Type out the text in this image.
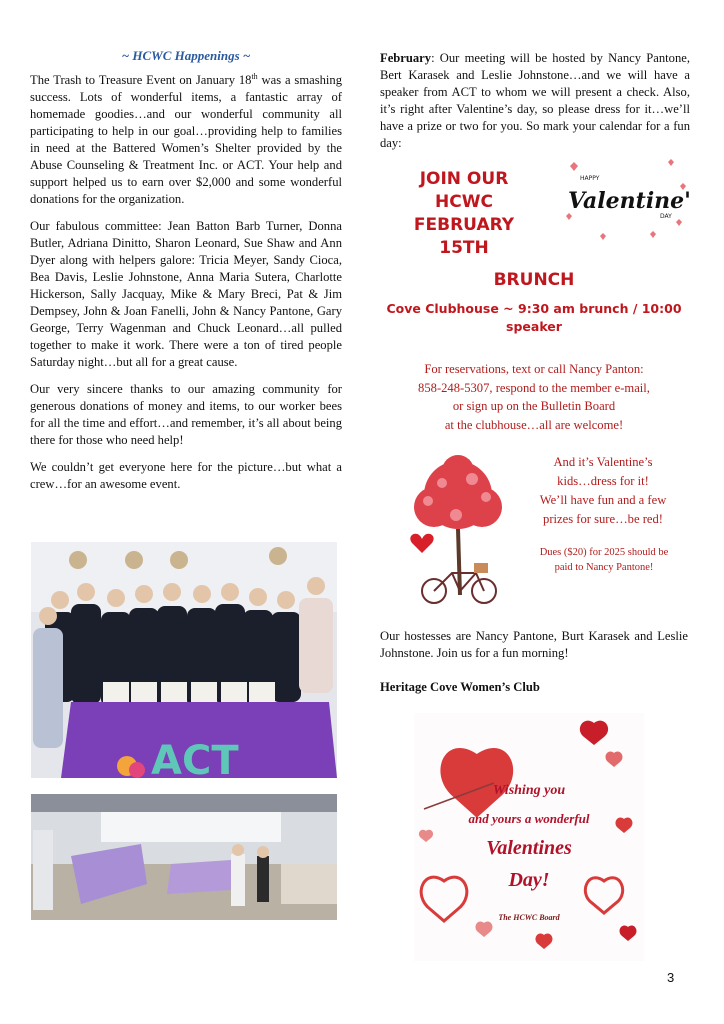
~ HCWC Happenings ~

The Trash to Treasure Event on January 18th was a smashing success. Lots of wonderful items, a fantastic array of homemade goodies…and our wonderful community all participating to help in our goal…providing help to families in need at the Battered Women’s Shelter provided by the Abuse Counseling & Treatment Inc. or ACT. Your help and support helped us to earn over $2,000 and some wonderful donations for the organization.

Our fabulous committee: Jean Batton Barb Turner, Donna Butler, Adriana Dinitto, Sharon Leonard, Sue Shaw and Ann Dyer along with helpers galore: Tricia Meyer, Sandy Cioca, Bea Davis, Leslie Johnstone, Anna Maria Sutera, Charlotte Hickerson, Sally Jacquay, Mike & Mary Breci, Pat & Jim Dempsey, John & Joan Fanelli, John & Nancy Pantone, Gary George, Terry Wagenman and Chuck Leonard…all pulled together to make it work. There were a ton of tired people Saturday night…but all for a great cause.

Our very sincere thanks to our amazing community for generous donations of money and items, to our worker bees for all the time and effort…and remember, it’s all about being there for those who need help!

We couldn’t get everyone here for the picture…but what a crew…for an awesome event.

ACT

February: Our meeting will be hosted by Nancy Pantone, Bert Karasek and Leslie Johnstone…and we will have a speaker from ACT to whom we will present a check. Also, it’s right after Valentine’s day, so please dress for it…we’ll have a prize or two for you. So mark your calendar for a fun day:

JOIN OUR
HCWC
FEBRUARY
15TH
HAPPY
Valentine's
DAY
BRUNCH
Cove Clubhouse ~ 9:30 am brunch / 10:00 speaker
For reservations, text or call Nancy Panton:
858-248-5307, respond to the member e-mail,
or sign up on the Bulletin Board
at the clubhouse…all are welcome!
And it’s Valentine’s
kids…dress for it!
We’ll have fun and a few
prizes for sure…be red!
Dues ($20) for 2025 should be
paid to Nancy Pantone!

Our hostesses are Nancy Pantone, Burt Karasek and Leslie Johnstone. Join us for a fun morning!

Heritage Cove Women’s Club
Wishing you
and yours a wonderful
Valentines
Day!
The HCWC Board
3
